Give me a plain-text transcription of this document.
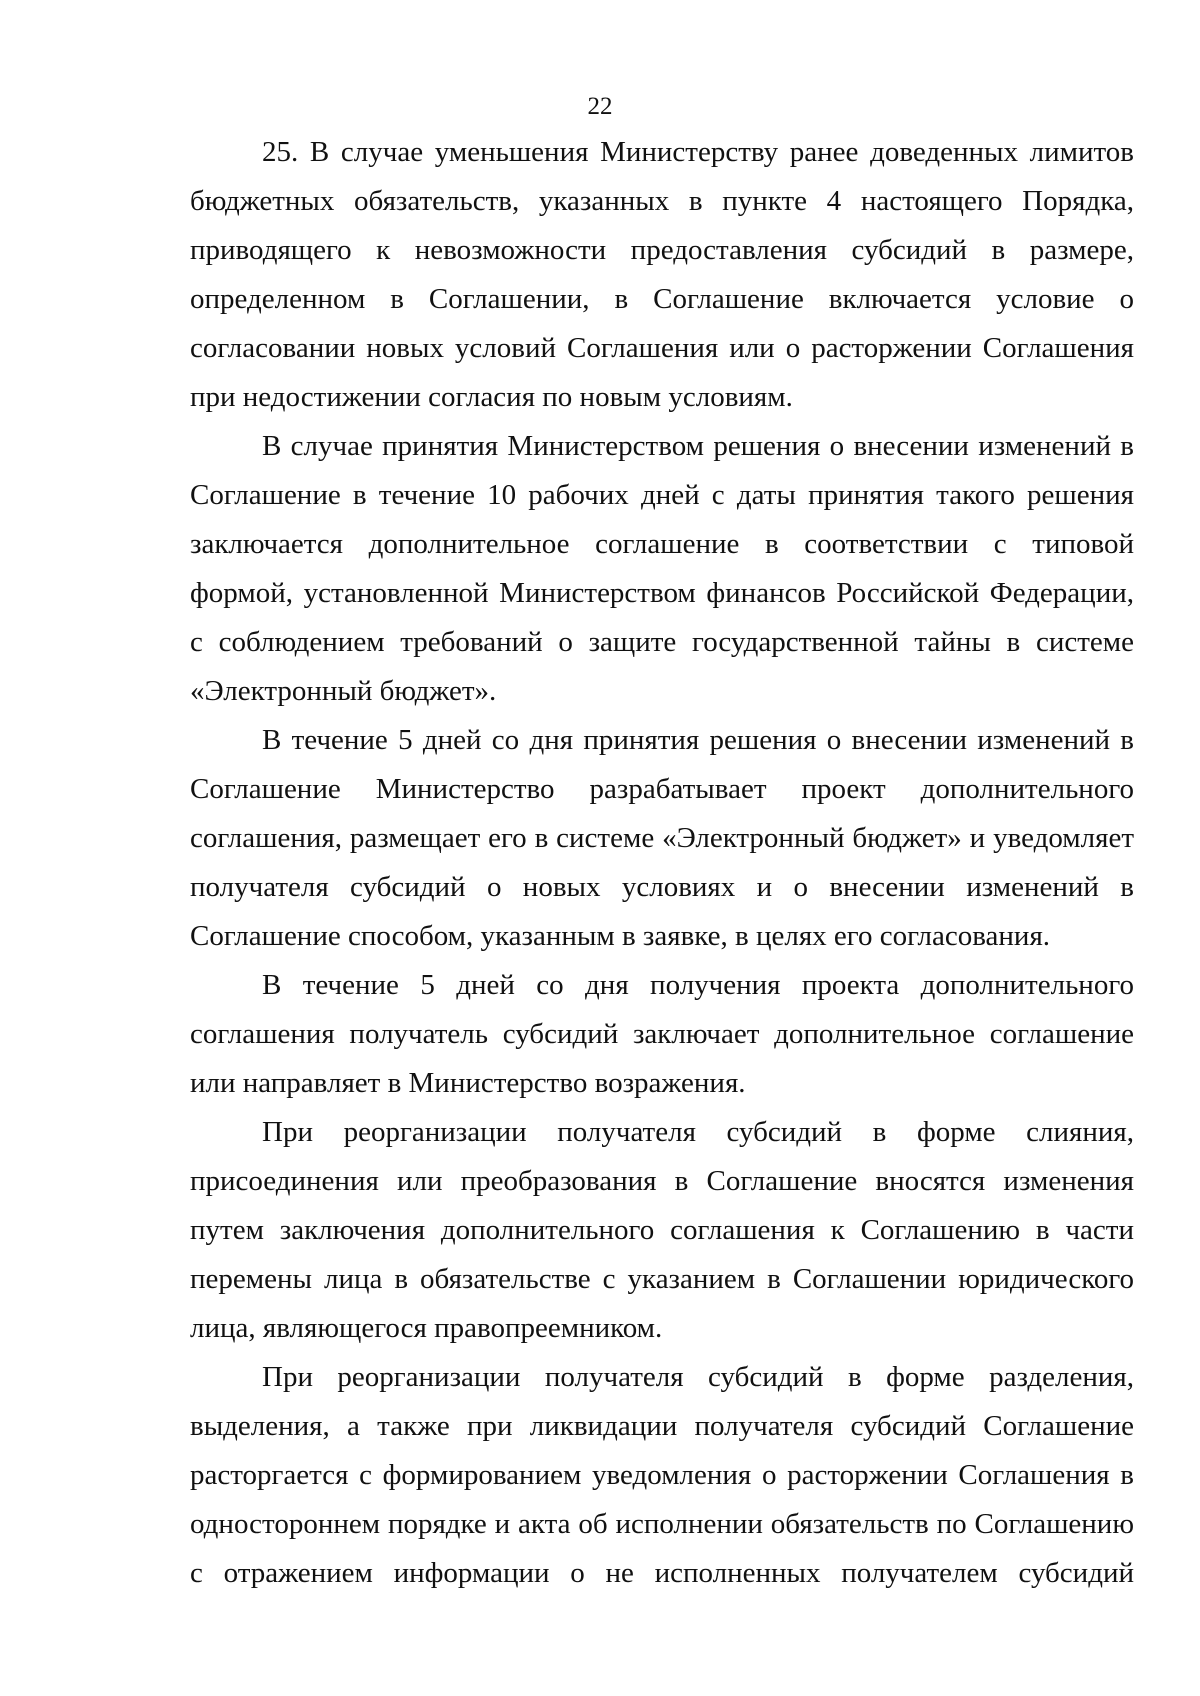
22

25. В случае уменьшения Министерству ранее доведенных лимитов бюджетных обязательств, указанных в пункте 4 настоящего Порядка, приводящего к невозможности предоставления субсидий в размере, определенном в Соглашении, в Соглашение включается условие о согласовании новых условий Соглашения или о расторжении Соглашения при недостижении согласия по новым условиям.

В случае принятия Министерством решения о внесении изменений в Соглашение в течение 10 рабочих дней с даты принятия такого решения заключается дополнительное соглашение в соответствии с типовой формой, установленной Министерством финансов Российской Федерации, с соблюдением требований о защите государственной тайны в системе «Электронный бюджет».

В течение 5 дней со дня принятия решения о внесении изменений в Соглашение Министерство разрабатывает проект дополнительного соглашения, размещает его в системе «Электронный бюджет» и уведомляет получателя субсидий о новых условиях и о внесении изменений в Соглашение способом, указанным в заявке, в целях его согласования.

В течение 5 дней со дня получения проекта дополнительного соглашения получатель субсидий заключает дополнительное соглашение или направляет в Министерство возражения.

При реорганизации получателя субсидий в форме слияния, присоединения или преобразования в Соглашение вносятся изменения путем заключения дополнительного соглашения к Соглашению в части перемены лица в обязательстве с указанием в Соглашении юридического лица, являющегося правопреемником.

При реорганизации получателя субсидий в форме разделения, выделения, а также при ликвидации получателя субсидий Соглашение расторгается с формированием уведомления о расторжении Соглашения в одностороннем порядке и акта об исполнении обязательств по Соглашению с отражением информации о не исполненных получателем субсидий
